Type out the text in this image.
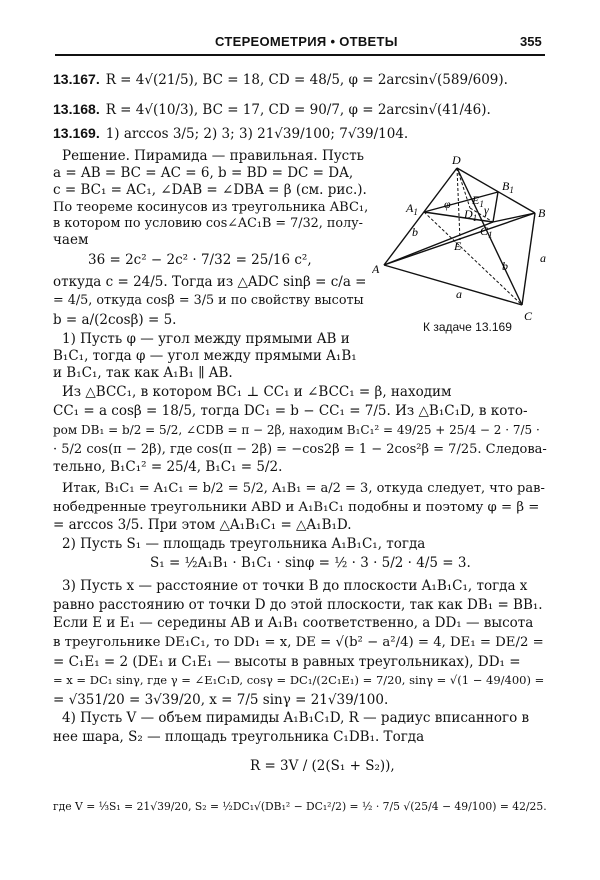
СТЕРЕОМЕТРИЯ • ОТВЕТЫ	355
13.167. R = 4√(21/5), BC = 18, CD = 48/5, φ = 2arcsin√(589/609).
13.168. R = 4√(10/3), BC = 17, CD = 90/7, φ = 2arcsin√(41/46).
13.169. 1) arccos 3/5; 2) 3; 3) 21√39/100; 7√39/104.
Решение. Пирамида — правильная. Пусть
a = AB = BC = AC = 6, b = BD = DC = DA,
c = BC₁ = AC₁, ∠DAB = ∠DBA = β (см. рис.).
По теореме косинусов из треугольника ABC₁,
в котором по условию cos∠AC₁B = 7/32, полу-
чаем
36 = 2c² − 2c² · 7/32 = 25/16 c²,
откуда c = 24/5. Тогда из △ADC sinβ = c/a =
= 4/5, откуда cosβ = 3/5 и по свойству высоты
b = a/(2cosβ) = 5.
1) Пусть φ — угол между прямыми AB и
B₁C₁, тогда φ — угол между прямыми A₁B₁
и B₁C₁, так как A₁B₁ ∥ AB.
Из △BCC₁, в котором BC₁ ⊥ CC₁ и ∠BCC₁ = β, находим
CC₁ = a cosβ = 18/5, тогда DC₁ = b − CC₁ = 7/5. Из △B₁C₁D, в кото-
ром DB₁ = b/2 = 5/2, ∠CDB = π − 2β, находим B₁C₁² = 49/25 + 25/4 − 2 · 7/5 ·
· 5/2 cos(π − 2β), где cos(π − 2β) = −cos2β = 1 − 2cos²β = 7/25. Следова-
тельно, B₁C₁² = 25/4, B₁C₁ = 5/2.
Итак, B₁C₁ = A₁C₁ = b/2 = 5/2, A₁B₁ = a/2 = 3, откуда следует, что рав-
нобедренные треугольники ABD и A₁B₁C₁ подобны и поэтому φ = β =
= arccos 3/5. При этом △A₁B₁C₁ = △A₁B₁D.
2) Пусть S₁ — площадь треугольника A₁B₁C₁, тогда
S₁ = ½A₁B₁ · B₁C₁ · sinφ = ½ · 3 · 5/2 · 4/5 = 3.
3) Пусть x — расстояние от точки B до плоскости A₁B₁C₁, тогда x
равно расстоянию от точки D до этой плоскости, так как DB₁ = BB₁.
Если E и E₁ — середины AB и A₁B₁ соответственно, а DD₁ — высота
в треугольнике DE₁C₁, то DD₁ = x, DE = √(b² − a²/4) = 4, DE₁ = DE/2 =
= C₁E₁ = 2 (DE₁ и C₁E₁ — высоты в равных треугольниках), DD₁ =
= x = DC₁ sinγ, где γ = ∠E₁C₁D, cosγ = DC₁/(2C₁E₁) = 7/20, sinγ = √(1 − 49/400) =
= √351/20 = 3√39/20, x = 7/5 sinγ = 21√39/100.
4) Пусть V — объем пирамиды A₁B₁C₁D, R — радиус вписанного в
нее шара, S₂ — площадь треугольника C₁DB₁. Тогда
R = 3V / (2(S₁ + S₂)),
где V = ⅓S₁ = 21√39/20, S₂ = ½DC₁√(DB₁² − DC₁²/2) = ½ · 7/5 √(25/4 − 49/100) = 42/25.
D
A
B
C
$A_1$
$B_1$
$C_1$
$D_1$
E
$E_1$
a
a
b
b
φ	γ
К задаче 13.169
